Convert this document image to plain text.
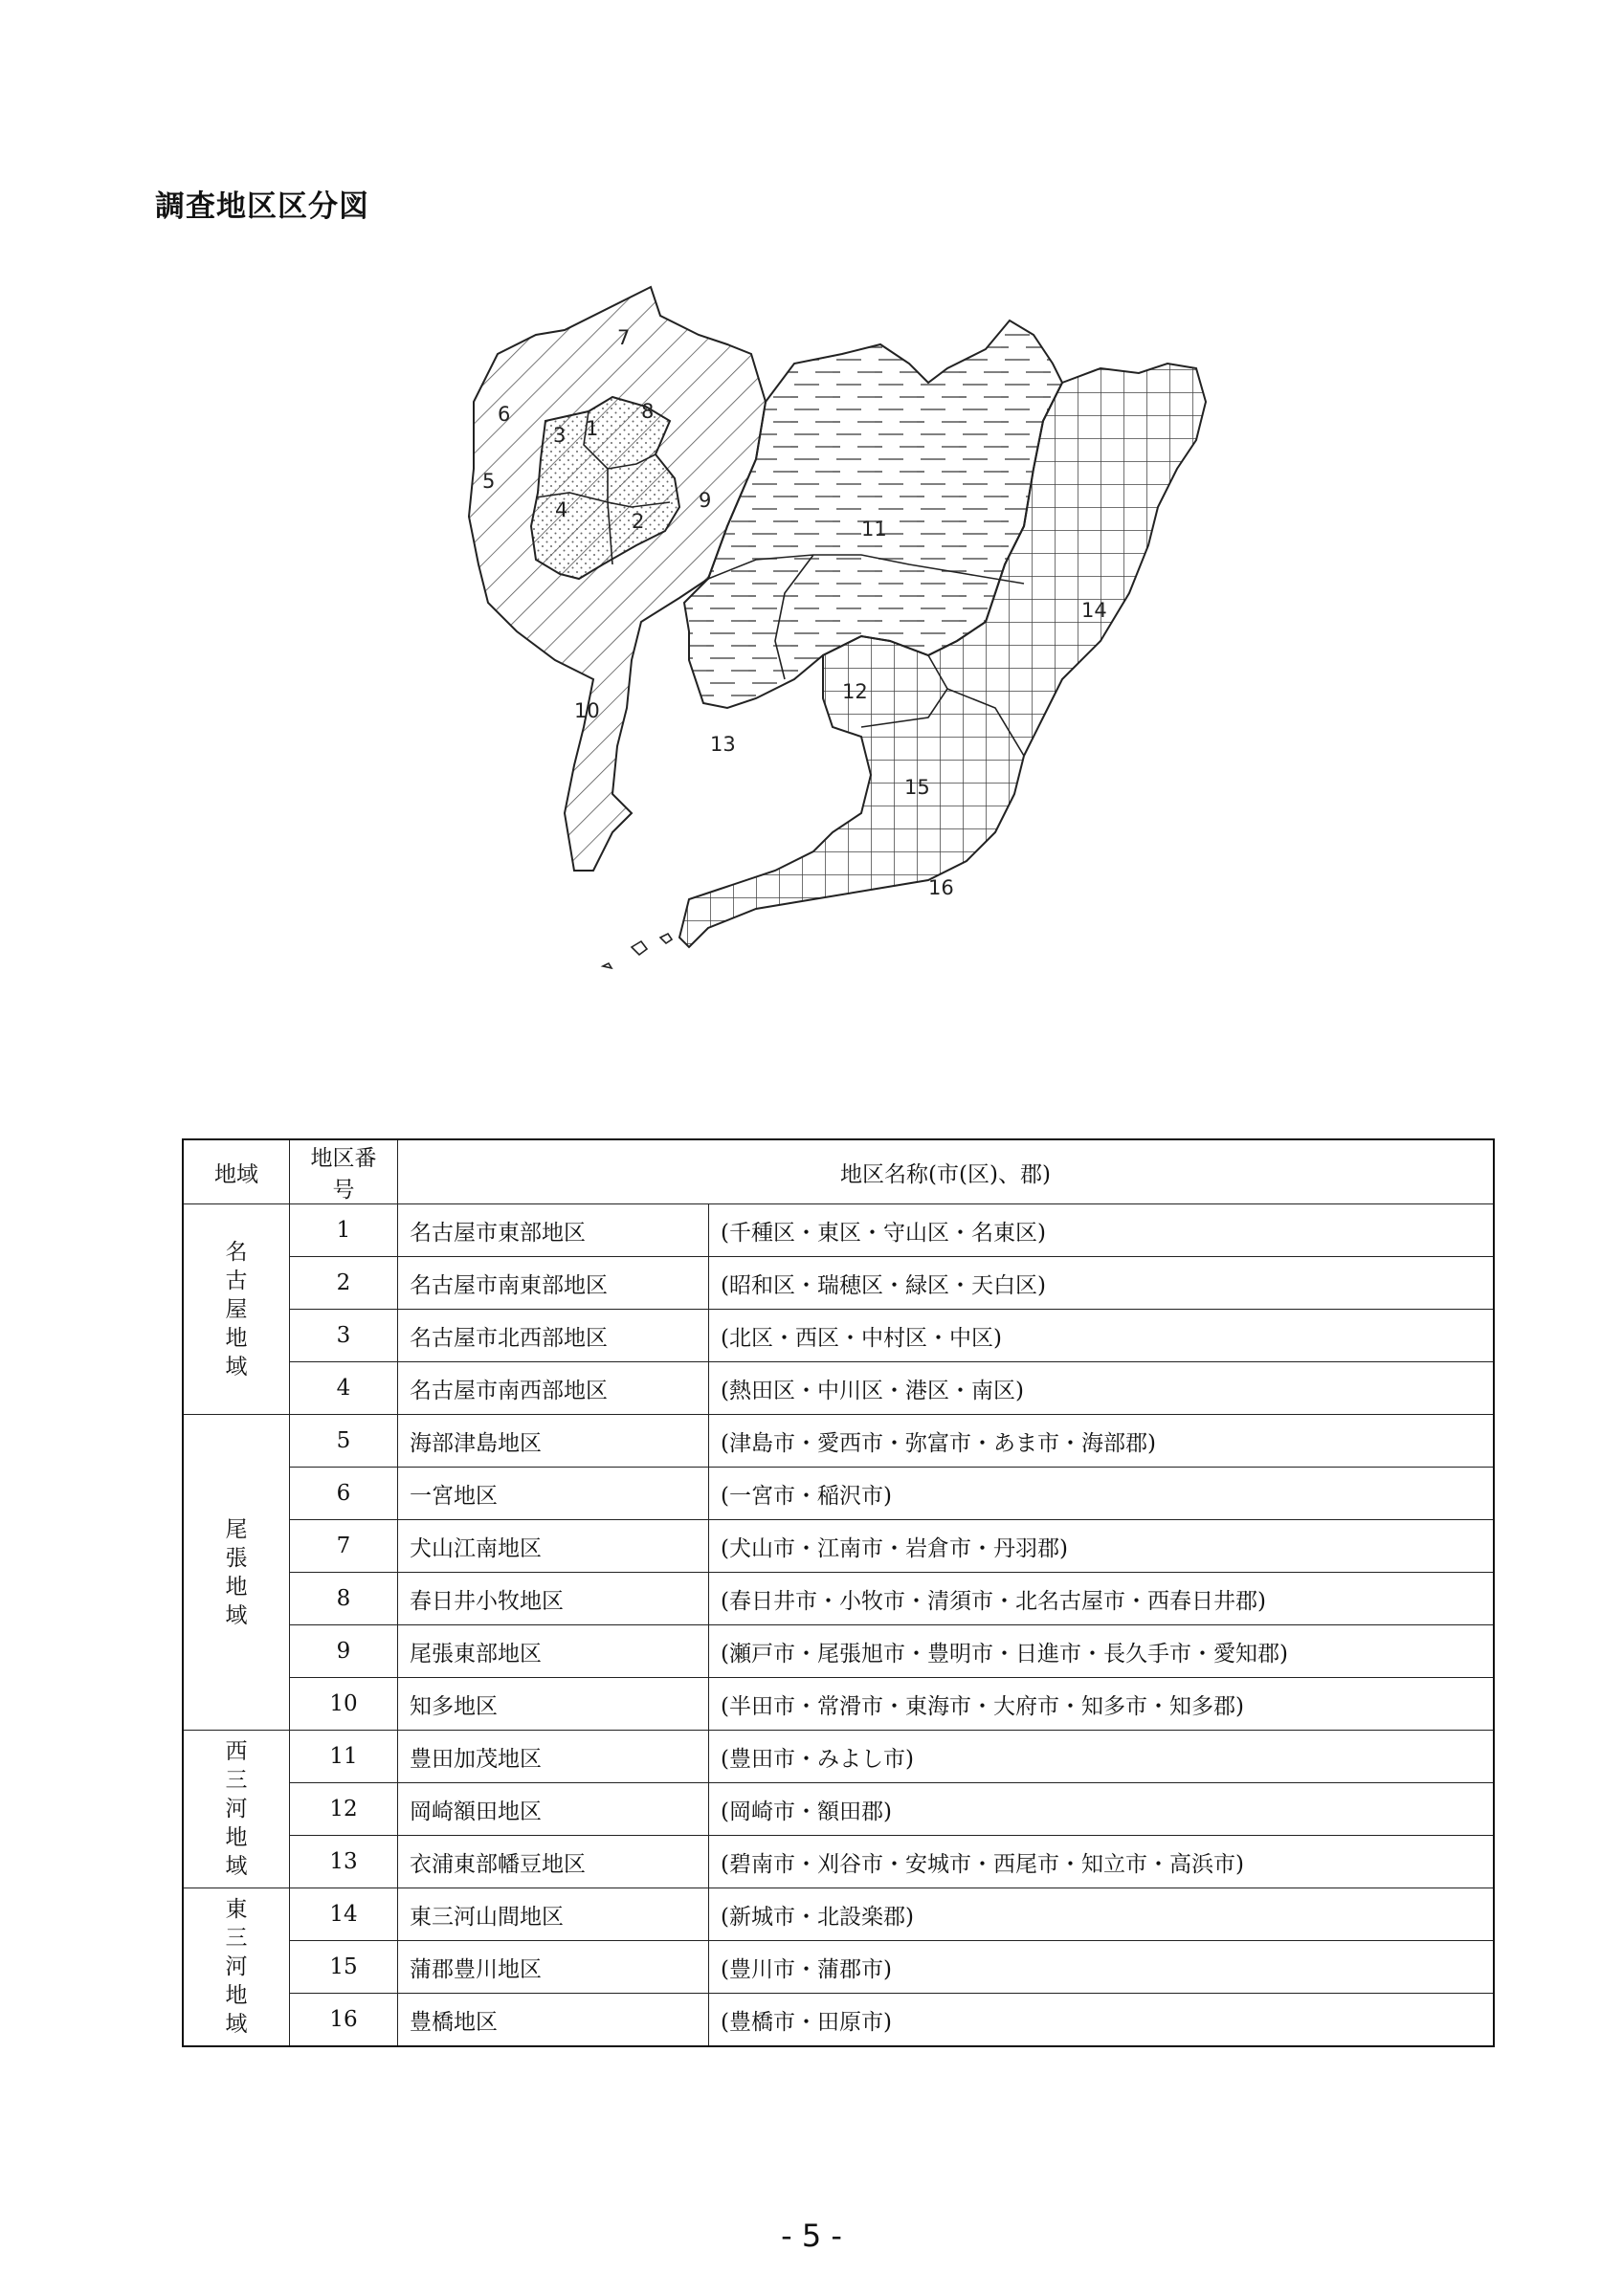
調査地区区分図
1
2
3
4
5
6
7
8
9
10
11
12
13
14
15
16
地域	地区番号	地区名称(市(区)、郡)	
名古屋地域	1	名古屋市東部地区	(千種区・東区・守山区・名東区)
	2	名古屋市南東部地区	(昭和区・瑞穂区・緑区・天白区)
	3	名古屋市北西部地区	(北区・西区・中村区・中区)
	4	名古屋市南西部地区	(熱田区・中川区・港区・南区)
尾張地域	5	海部津島地区	(津島市・愛西市・弥富市・あま市・海部郡)
	6	一宮地区	(一宮市・稲沢市)
	7	犬山江南地区	(犬山市・江南市・岩倉市・丹羽郡)
	8	春日井小牧地区	(春日井市・小牧市・清須市・北名古屋市・西春日井郡)
	9	尾張東部地区	(瀬戸市・尾張旭市・豊明市・日進市・長久手市・愛知郡)
	10	知多地区	(半田市・常滑市・東海市・大府市・知多市・知多郡)
西三河地域	11	豊田加茂地区	(豊田市・みよし市)
	12	岡崎額田地区	(岡崎市・額田郡)
	13	衣浦東部幡豆地区	(碧南市・刈谷市・安城市・西尾市・知立市・高浜市)
東三河地域	14	東三河山間地区	(新城市・北設楽郡)
	15	蒲郡豊川地区	(豊川市・蒲郡市)
	16	豊橋地区	(豊橋市・田原市)
- 5 -
